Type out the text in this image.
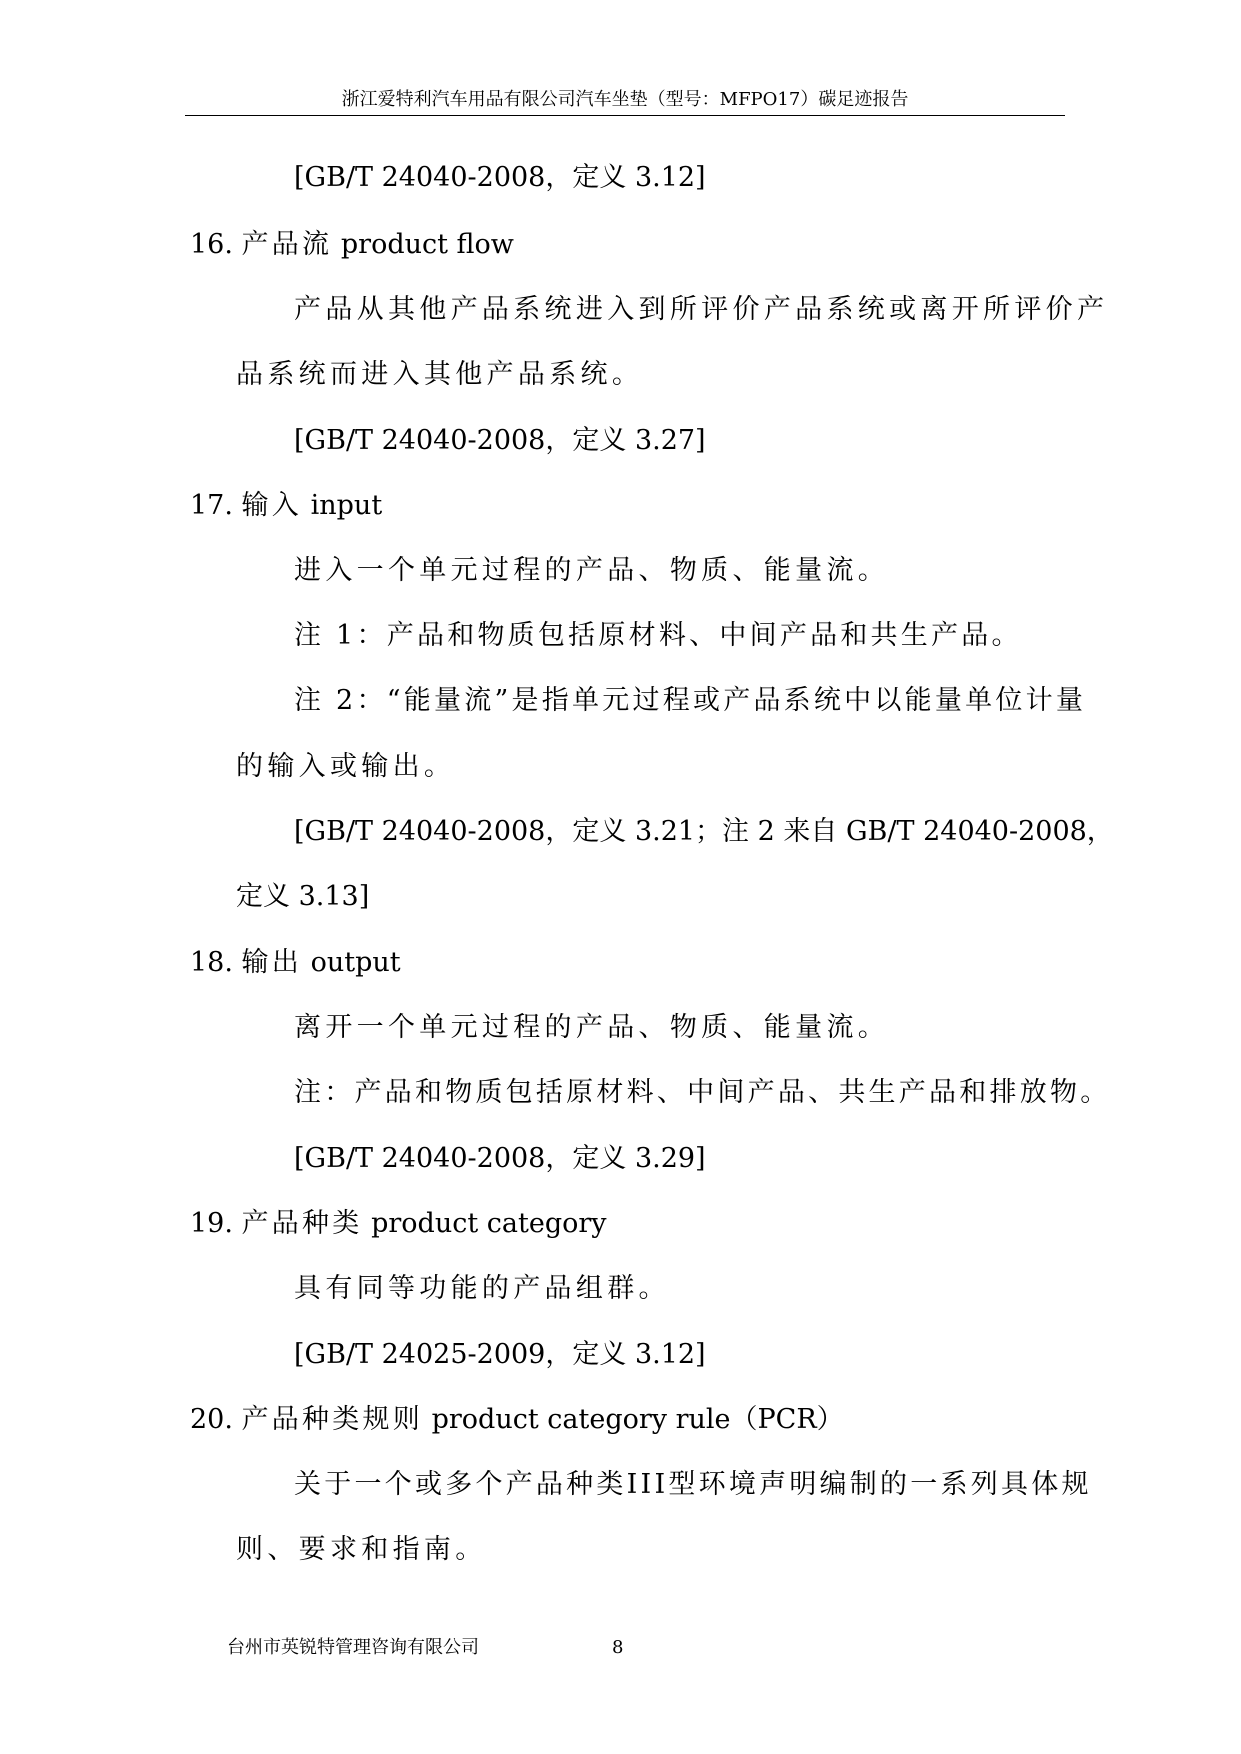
浙江爱特利汽车用品有限公司汽车坐垫（型号：MFPO17）碳足迹报告
[GB/T 24040-2008，定义 3.12]
16. 产品流 product flow
产品从其他产品系统进入到所评价产品系统或离开所评价产
品系统而进入其他产品系统。
[GB/T 24040-2008，定义 3.27]
17. 输入 input
进入一个单元过程的产品、物质、能量流。
注 1：产品和物质包括原材料、中间产品和共生产品。
注 2：“能量流”是指单元过程或产品系统中以能量单位计量
的输入或输出。
[GB/T 24040-2008，定义 3.21；注 2 来自 GB/T 24040-2008，
定义 3.13]
18. 输出 output
离开一个单元过程的产品、物质、能量流。
注：产品和物质包括原材料、中间产品、共生产品和排放物。
[GB/T 24040-2008，定义 3.29]
19. 产品种类 product category
具有同等功能的产品组群。
[GB/T 24025-2009，定义 3.12]
20. 产品种类规则 product category rule（PCR）
关于一个或多个产品种类III型环境声明编制的一系列具体规
则、要求和指南。
台州市英锐特管理咨询有限公司	8
